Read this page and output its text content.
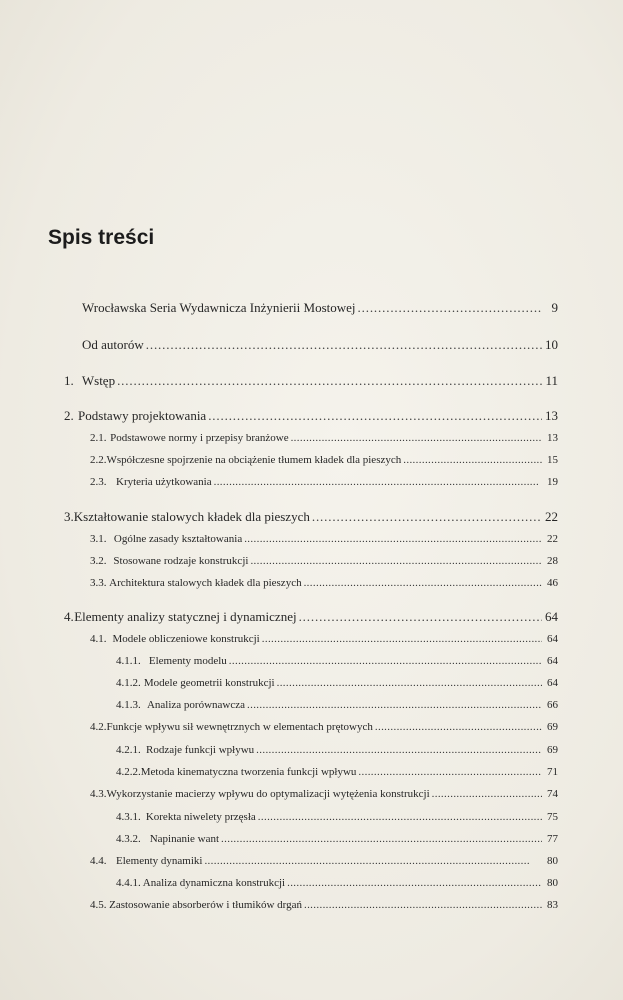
Spis treści
Wrocławska Seria Wydawnicza Inżynierii Mostowej . . .	9
Od autorów . . .	10
1. Wstęp . . .	11
2. Podstawy projektowania . . .	13
2.1. Podstawowe normy i przepisy branżowe . . .	13
2.2. Współczesne spojrzenie na obciążenie tłumem kładek dla pieszych . . .	15
2.3. Kryteria użytkowania . . .	19
3. Kształtowanie stalowych kładek dla pieszych . . .	22
3.1. Ogólne zasady kształtowania . . .	22
3.2. Stosowane rodzaje konstrukcji . . .	28
3.3. Architektura stalowych kładek dla pieszych . . .	46
4. Elementy analizy statycznej i dynamicznej . . .	64
4.1. Modele obliczeniowe konstrukcji . . .	64
4.1.1. Elementy modelu . . .	64
4.1.2. Modele geometrii konstrukcji . . .	64
4.1.3. Analiza porównawcza . . .	66
4.2. Funkcje wpływu sił wewnętrznych w elementach prętowych . . .	69
4.2.1. Rodzaje funkcji wpływu . . .	69
4.2.2. Metoda kinematyczna tworzenia funkcji wpływu . . .	71
4.3. Wykorzystanie macierzy wpływu do optymalizacji wytężenia konstrukcji . . .	74
4.3.1. Korekta niwelety przęsła . . .	75
4.3.2. Napinanie want . . .	77
4.4. Elementy dynamiki . . .	80
4.4.1. Analiza dynamiczna konstrukcji . . .	80
4.5. Zastosowanie absorberów i tłumików drgań . . .	83
